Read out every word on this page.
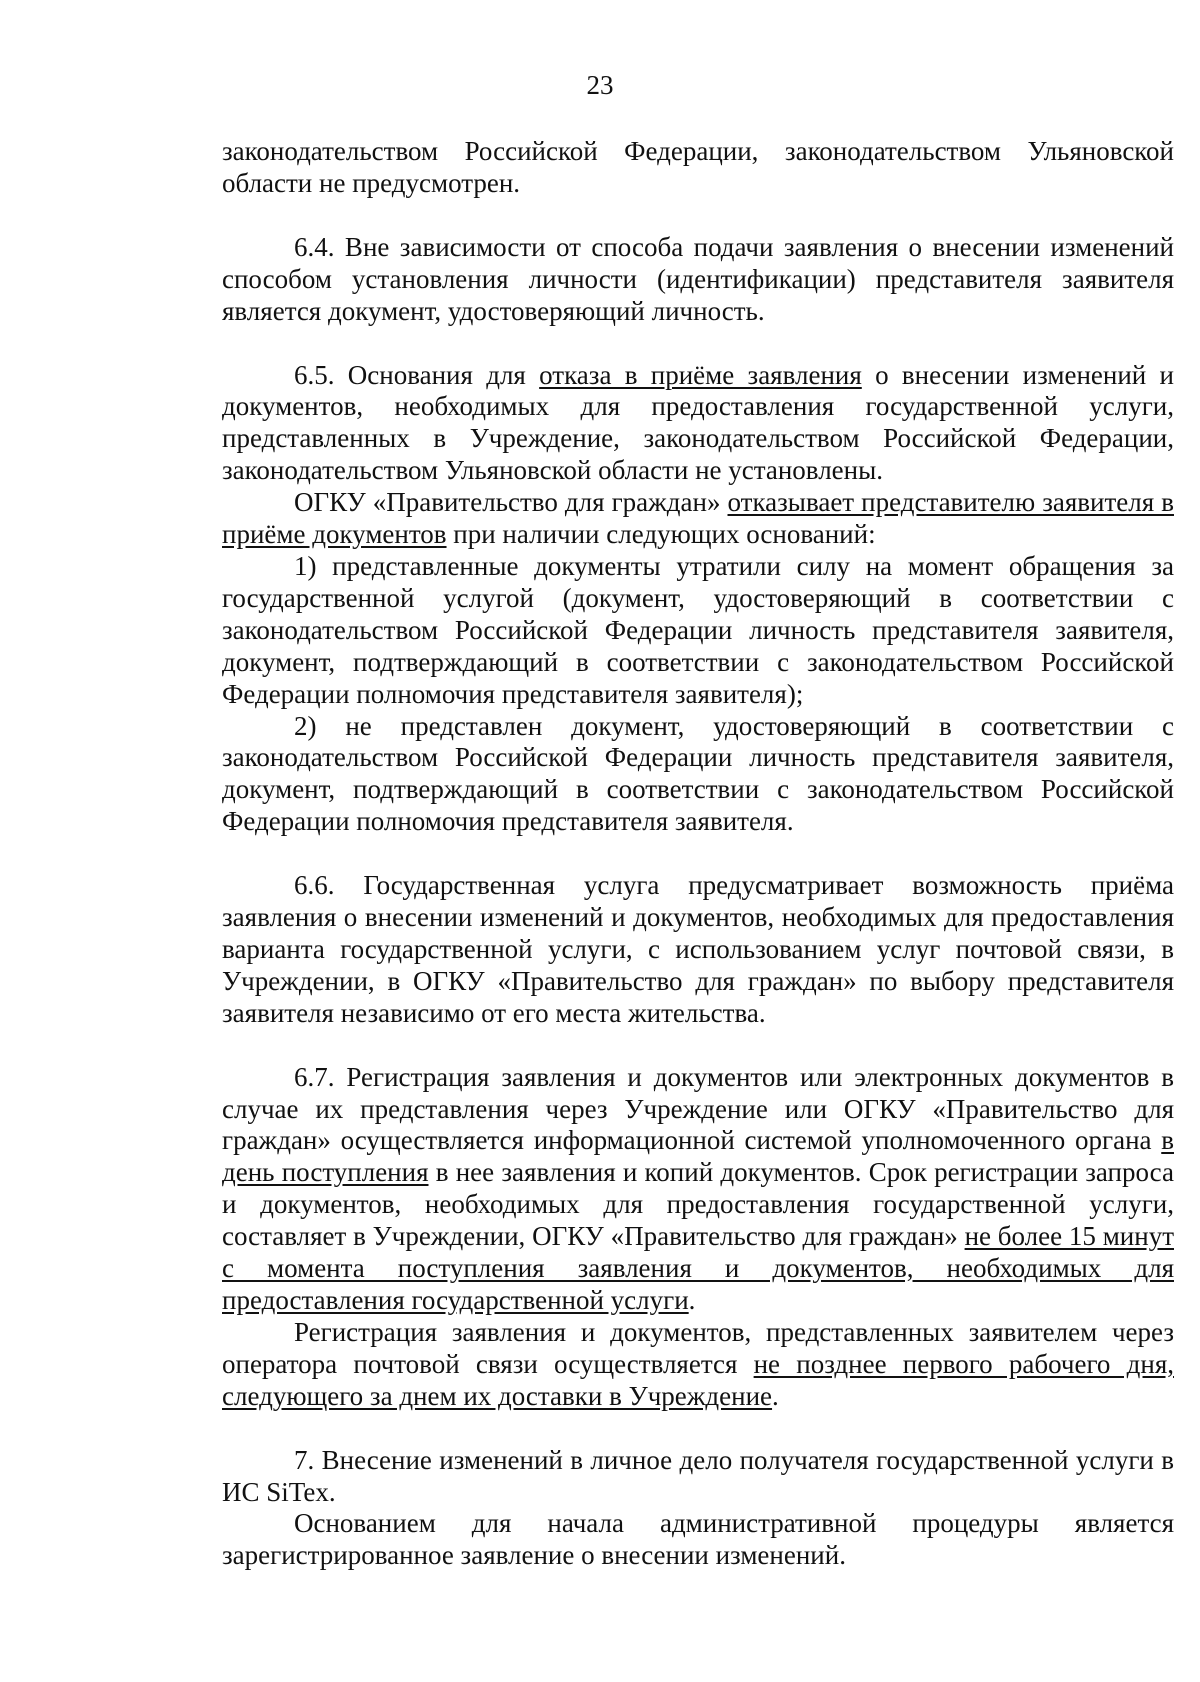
23

законодательством Российской Федерации, законодательством Ульяновской области не предусмотрен.

6.4. Вне зависимости от способа подачи заявления о внесении изменений способом установления личности (идентификации) представителя заявителя является документ, удостоверяющий личность.

6.5. Основания для отказа в приёме заявления о внесении изменений и документов, необходимых для предоставления государственной услуги, представленных в Учреждение, законодательством Российской Федерации, законодательством Ульяновской области не установлены.

ОГКУ «Правительство для граждан» отказывает представителю заявителя в приёме документов при наличии следующих оснований:

1) представленные документы утратили силу на момент обращения за государственной услугой (документ, удостоверяющий в соответствии с законодательством Российской Федерации личность представителя заявителя, документ, подтверждающий в соответствии с законодательством Российской Федерации полномочия представителя заявителя);

2) не представлен документ, удостоверяющий в соответствии с законодательством Российской Федерации личность представителя заявителя, документ, подтверждающий в соответствии с законодательством Российской Федерации полномочия представителя заявителя.

6.6. Государственная услуга предусматривает возможность приёма заявления о внесении изменений и документов, необходимых для предоставления варианта государственной услуги, с использованием услуг почтовой связи, в Учреждении, в ОГКУ «Правительство для граждан» по выбору представителя заявителя независимо от его места жительства.

6.7. Регистрация заявления и документов или электронных документов в случае их представления через Учреждение или ОГКУ «Правительство для граждан» осуществляется информационной системой уполномоченного органа в день поступления в нее заявления и копий документов. Срок регистрации запроса и документов, необходимых для предоставления государственной услуги, составляет в Учреждении, ОГКУ «Правительство для граждан» не более 15 минут с момента поступления заявления и документов, необходимых для предоставления государственной услуги.

Регистрация заявления и документов, представленных заявителем через оператора почтовой связи осуществляется не позднее первого рабочего дня, следующего за днем их доставки в Учреждение.

7. Внесение изменений в личное дело получателя государственной услуги в ИС SiTex.

Основанием для начала административной процедуры является зарегистрированное заявление о внесении изменений.
